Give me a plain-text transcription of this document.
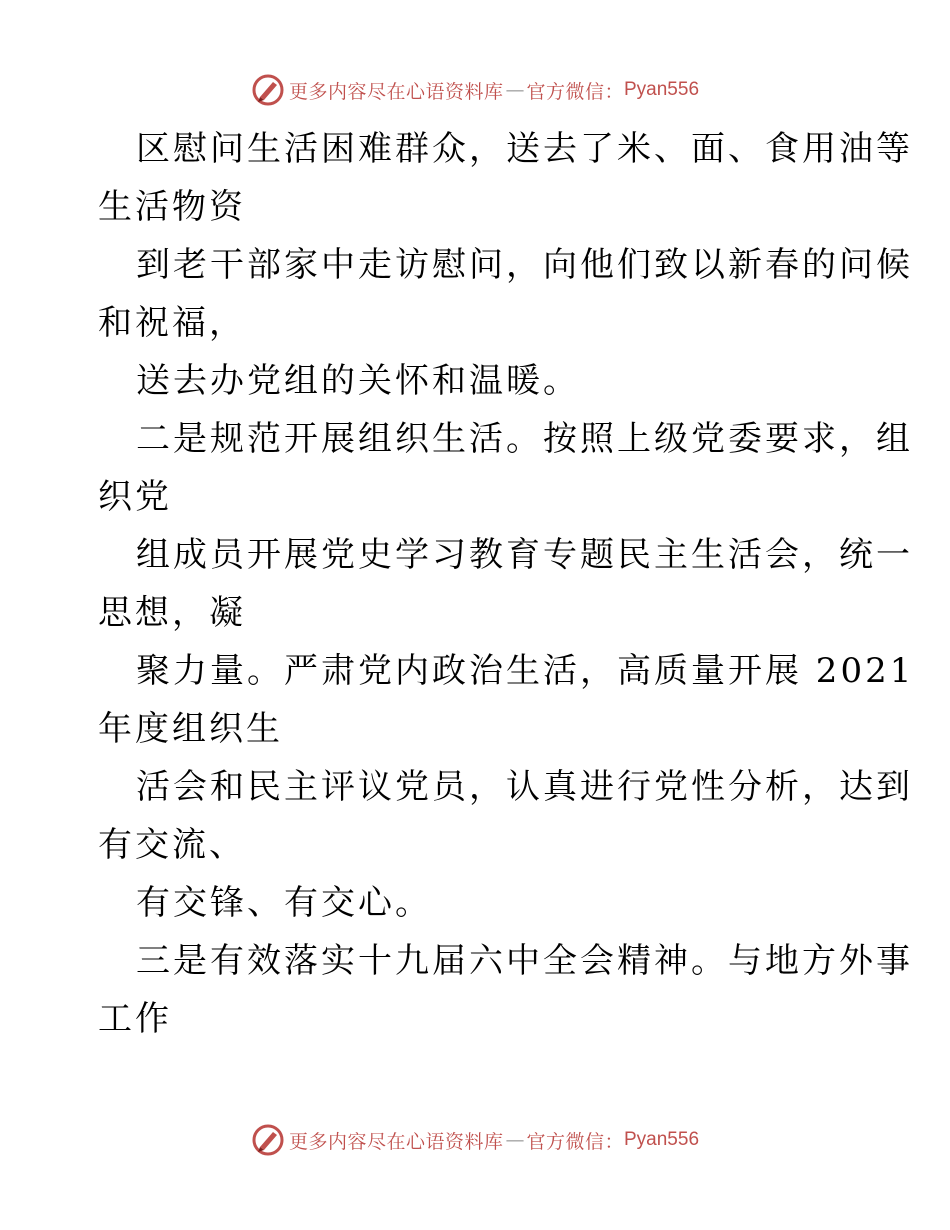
更多内容尽在心语资料库 — 官方微信： Pyan556
区慰问生活困难群众，送去了米、面、食用油等
生活物资
到老干部家中走访慰问，向他们致以新春的问候
和祝福，
送去办党组的关怀和温暖。
二是规范开展组织生活。按照上级党委要求，组
织党
组成员开展党史学习教育专题民主生活会，统一
思想，凝
聚力量。严肃党内政治生活，高质量开展 2021
年度组织生
活会和民主评议党员，认真进行党性分析，达到
有交流、
有交锋、有交心。
三是有效落实十九届六中全会精神。与地方外事
工作
更多内容尽在心语资料库 — 官方微信： Pyan556
